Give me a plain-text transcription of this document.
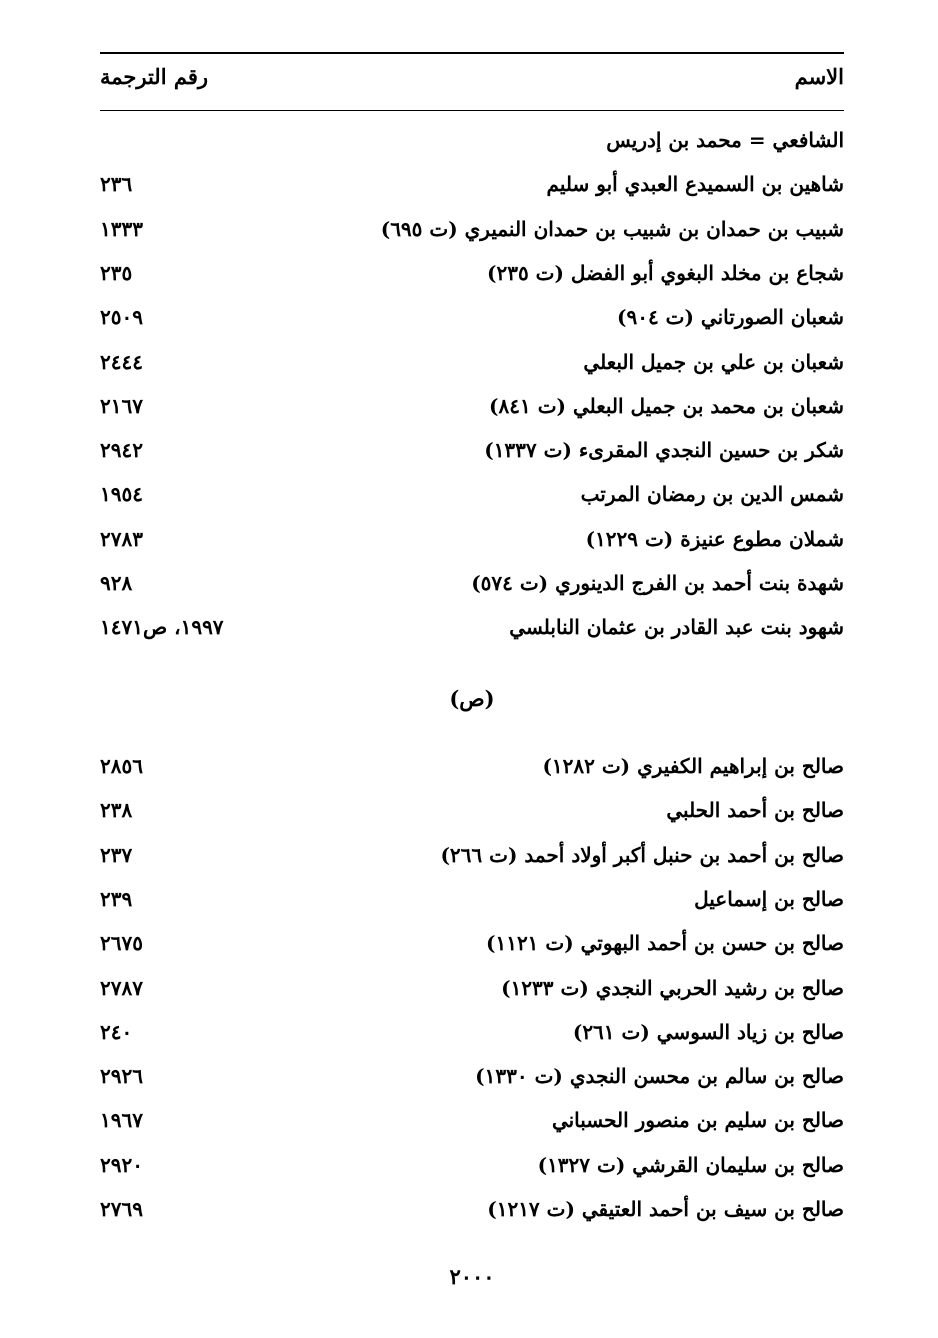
الاسم
رقم الترجمة
الشافعي = محمد بن إدريس
شاهين بن السميدع العبدي أبو سليم
٢٣٦
شبيب بن حمدان بن شبيب بن حمدان النميري (ت ٦٩٥)
١٣٣٣
شجاع بن مخلد البغوي أبو الفضل (ت ٢٣٥)
٢٣٥
شعبان الصورتاني (ت ٩٠٤)
٢٥٠٩
شعبان بن علي بن جميل البعلي
٢٤٤٤
شعبان بن محمد بن جميل البعلي (ت ٨٤١)
٢١٦٧
شكر بن حسين النجدي المقرىء (ت ١٣٣٧)
٢٩٤٢
شمس الدين بن رمضان المرتب
١٩٥٤
شملان مطوع عنيزة (ت ١٢٢٩)
٢٧٨٣
شهدة بنت أحمد بن الفرج الدينوري (ت ٥٧٤)
٩٢٨
شهود بنت عبد القادر بن عثمان النابلسي
١٩٩٧، ص١٤٧١
(ص)
صالح بن إبراهيم الكفيري (ت ١٢٨٢)
٢٨٥٦
صالح بن أحمد الحلبي
٢٣٨
صالح بن أحمد بن حنبل أكبر أولاد أحمد (ت ٢٦٦)
٢٣٧
صالح بن إسماعيل
٢٣٩
صالح بن حسن بن أحمد البهوتي (ت ١١٢١)
٢٦٧٥
صالح بن رشيد الحربي النجدي (ت ١٢٣٣)
٢٧٨٧
صالح بن زياد السوسي (ت ٢٦١)
٢٤٠
صالح بن سالم بن محسن النجدي (ت ١٣٣٠)
٢٩٢٦
صالح بن سليم بن منصور الحسباني
١٩٦٧
صالح بن سليمان القرشي (ت ١٣٢٧)
٢٩٢٠
صالح بن سيف بن أحمد العتيقي (ت ١٢١٧)
٢٧٦٩
٢٠٠٠
